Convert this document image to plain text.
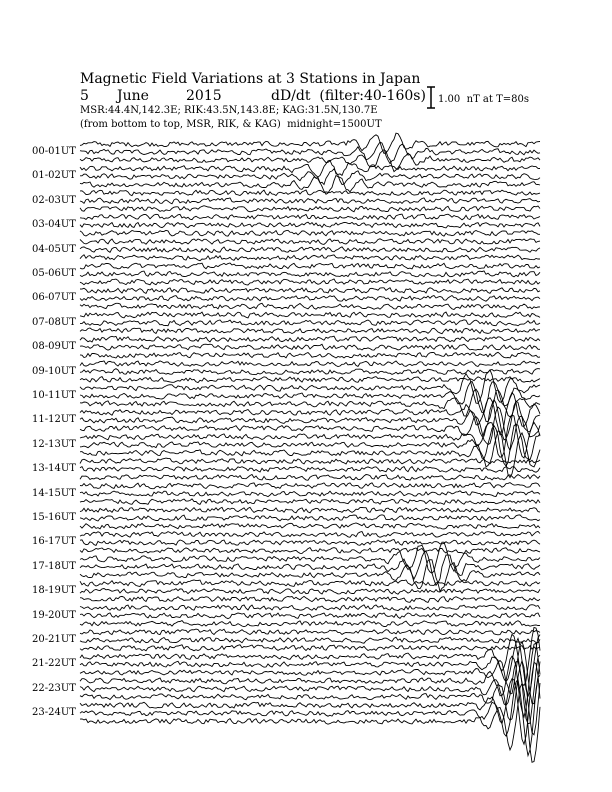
Magnetic Field Variations at 3 Stations in Japan
5 June	2015	dD/dt  (filter:40-160s)
MSR:44.4N,142.3E; RIK:43.5N,143.8E; KAG:31.5N,130.7E
(from bottom to top, MSR, RIK, & KAG)  midnight=1500UT
1.00  nT at T=80s
00-01UT
01-02UT
02-03UT
03-04UT
04-05UT
05-06UT
06-07UT
07-08UT
08-09UT
09-10UT
10-11UT
11-12UT
12-13UT
13-14UT
14-15UT
15-16UT
16-17UT
17-18UT
18-19UT
19-20UT
20-21UT
21-22UT
22-23UT
23-24UT
